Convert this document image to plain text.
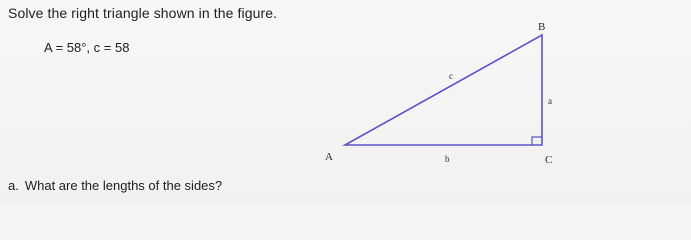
Solve the right triangle shown in the figure.
A = 58°, c = 58
B
A	C
c
a
b
a. What are the lengths of the sides?
